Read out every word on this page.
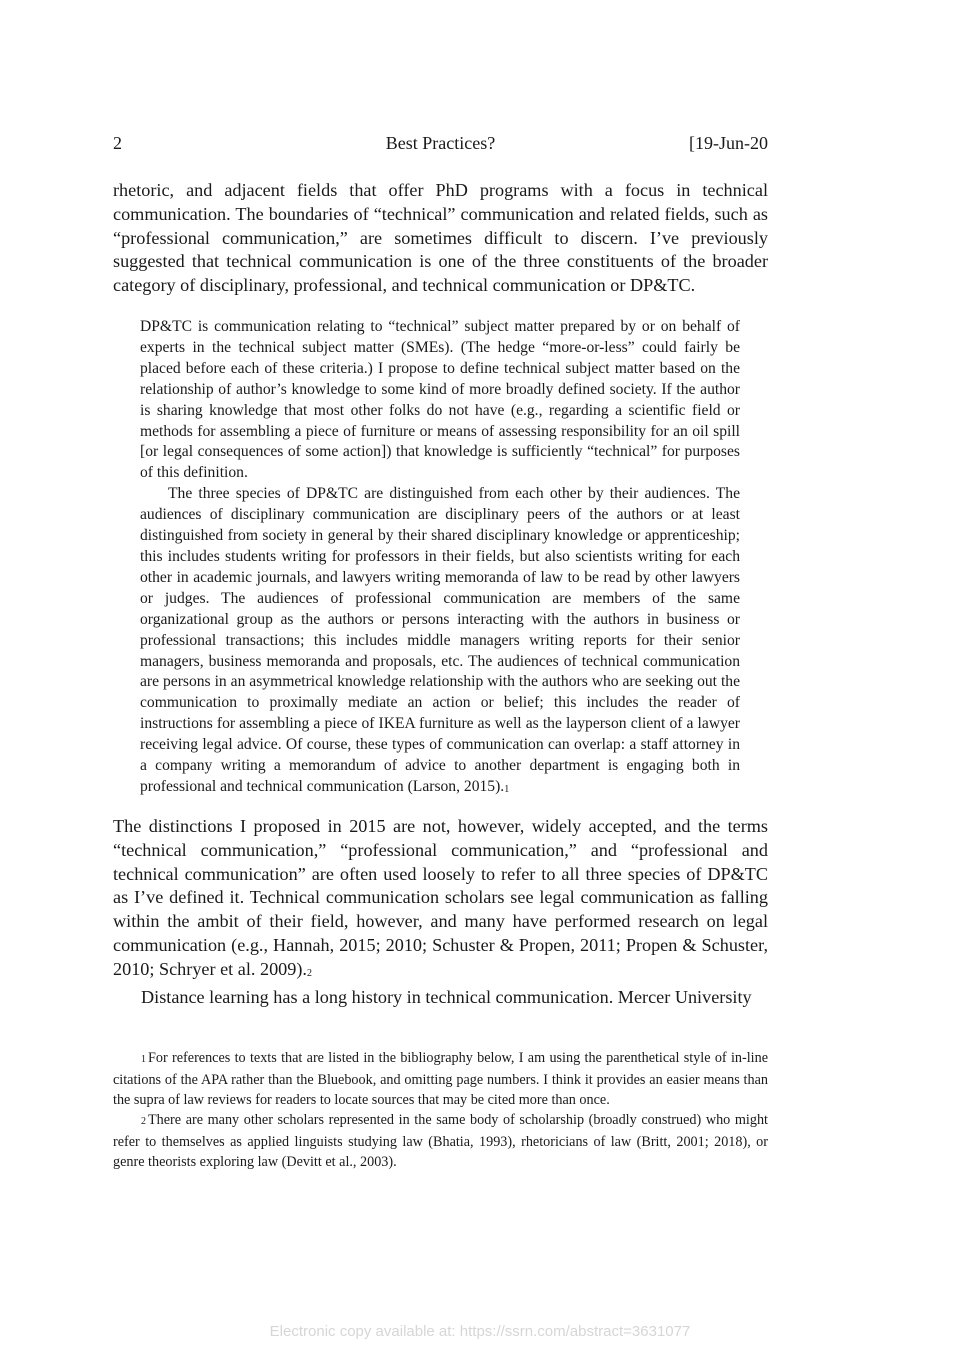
2	Best Practices?	[19-Jun-20

rhetoric, and adjacent fields that offer PhD programs with a focus in technical communication. The boundaries of “technical” communication and related fields, such as “professional communication,” are sometimes difficult to discern. I’ve previously suggested that technical communication is one of the three constituents of the broader category of disciplinary, professional, and technical communication or DP&TC.

DP&TC is communication relating to “technical” subject matter prepared by or on behalf of experts in the technical subject matter (SMEs). (The hedge “more-or-less” could fairly be placed before each of these criteria.) I propose to define technical subject matter based on the relationship of author’s knowledge to some kind of more broadly defined society. If the author is sharing knowledge that most other folks do not have (e.g., regarding a scientific field or methods for assembling a piece of furniture or means of assessing responsibility for an oil spill [or legal consequences of some action]) that knowledge is sufficiently “technical” for purposes of this definition.

The three species of DP&TC are distinguished from each other by their audiences. The audiences of disciplinary communication are disciplinary peers of the authors or at least distinguished from society in general by their shared disciplinary knowledge or apprenticeship; this includes students writing for professors in their fields, but also scientists writing for each other in academic journals, and lawyers writing memoranda of law to be read by other lawyers or judges. The audiences of professional communication are members of the same organizational group as the authors or persons interacting with the authors in business or professional transactions; this includes middle managers writing reports for their senior managers, business memoranda and proposals, etc. The audiences of technical communication are persons in an asymmetrical knowledge relationship with the authors who are seeking out the communication to proximally mediate an action or belief; this includes the reader of instructions for assembling a piece of IKEA furniture as well as the layperson client of a lawyer receiving legal advice. Of course, these types of communication can overlap: a staff attorney in a company writing a memorandum of advice to another department is engaging both in professional and technical communication (Larson, 2015).$^1$

The distinctions I proposed in 2015 are not, however, widely accepted, and the terms “technical communication,” “professional communication,” and “professional and technical communication” are often used loosely to refer to all three species of DP&TC as I’ve defined it. Technical communication scholars see legal communication as falling within the ambit of their field, however, and many have performed research on legal communication (e.g., Hannah, 2015; 2010; Schuster & Propen, 2011; Propen & Schuster, 2010; Schryer et al. 2009).$^2$

Distance learning has a long history in technical communication. Mercer University

1 For references to texts that are listed in the bibliography below, I am using the parenthetical style of in-line citations of the APA rather than the Bluebook, and omitting page numbers. I think it provides an easier means than the supra of law reviews for readers to locate sources that may be cited more than once.

2 There are many other scholars represented in the same body of scholarship (broadly construed) who might refer to themselves as applied linguists studying law (Bhatia, 1993), rhetoricians of law (Britt, 2001; 2018), or genre theorists exploring law (Devitt et al., 2003).

Electronic copy available at: https://ssrn.com/abstract=3631077
